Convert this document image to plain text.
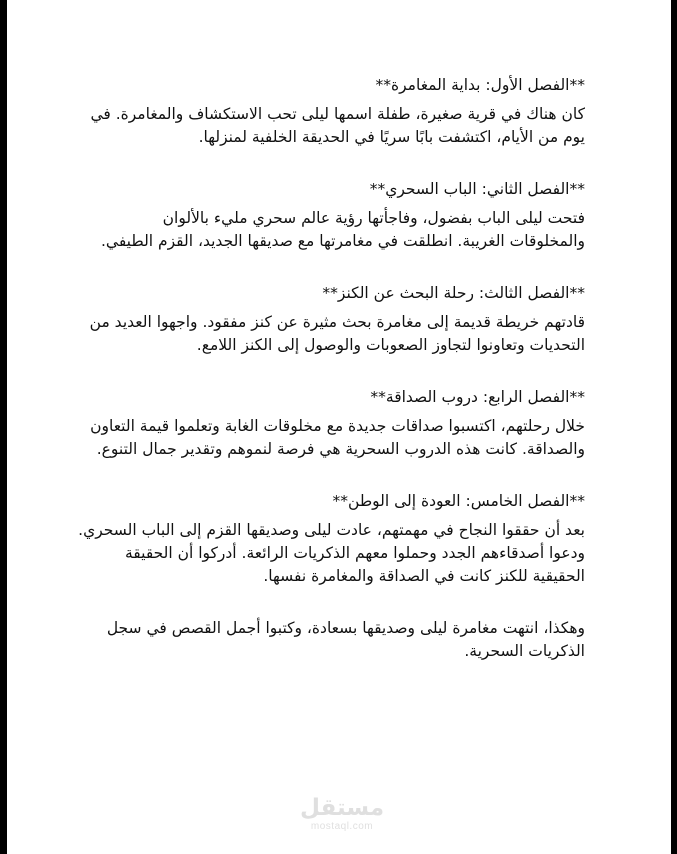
**الفصل الأول: بداية المغامرة**

كان هناك في قرية صغيرة، طفلة اسمها ليلى تحب الاستكشاف والمغامرة. في
يوم من الأيام، اكتشفت بابًا سريًا في الحديقة الخلفية لمنزلها.

**الفصل الثاني: الباب السحري**

فتحت ليلى الباب بفضول، وفاجأتها رؤية عالم سحري مليء بالألوان
والمخلوقات الغريبة. انطلقت في مغامرتها مع صديقها الجديد، القزم الطيفي.

**الفصل الثالث: رحلة البحث عن الكنز**

قادتهم خريطة قديمة إلى مغامرة بحث مثيرة عن كنز مفقود. واجهوا العديد من
التحديات وتعاونوا لتجاوز الصعوبات والوصول إلى الكنز اللامع.

**الفصل الرابع: دروب الصداقة**

خلال رحلتهم، اكتسبوا صداقات جديدة مع مخلوقات الغابة وتعلموا قيمة التعاون
والصداقة. كانت هذه الدروب السحرية هي فرصة لنموهم وتقدير جمال التنوع.

**الفصل الخامس: العودة إلى الوطن**

بعد أن حققوا النجاح في مهمتهم، عادت ليلى وصديقها القزم إلى الباب السحري.
ودعوا أصدقاءهم الجدد وحملوا معهم الذكريات الرائعة. أدركوا أن الحقيقة
الحقيقية للكنز كانت في الصداقة والمغامرة نفسها.

وهكذا، انتهت مغامرة ليلى وصديقها بسعادة، وكتبوا أجمل القصص في سجل
الذكريات السحرية.

مستقل
mostaql.com
